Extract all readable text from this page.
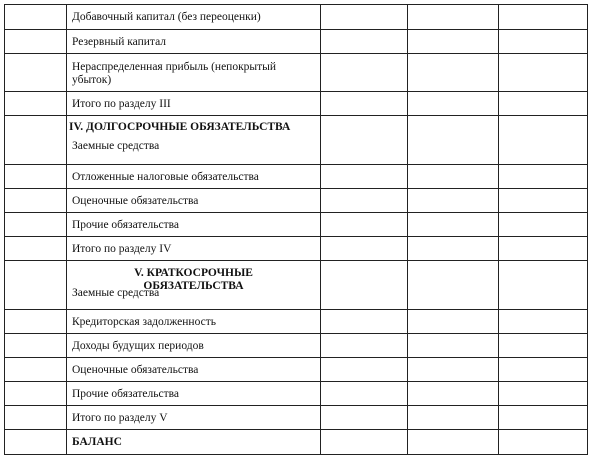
	Добавочный капитал (без переоценки)			

	Резервный капитал			

	Нераспределенная прибыль (непокрытый убыток)			

	Итого по разделу III			

	IV. ДОЛГОСРОЧНЫЕ ОБЯЗАТЕЛЬСТВА
Заемные средства			

	Отложенные налоговые обязательства			

	Оценочные обязательства			

	Прочие обязательства			

	Итого по разделу IV			

	V. КРАТКОСРОЧНЫЕ
ОБЯЗАТЕЛЬСТВА
Заемные средства			

	Кредиторская задолженность			

	Доходы будущих периодов			

	Оценочные обязательства			

	Прочие обязательства			

	Итого по разделу V			

	БАЛАНС			
